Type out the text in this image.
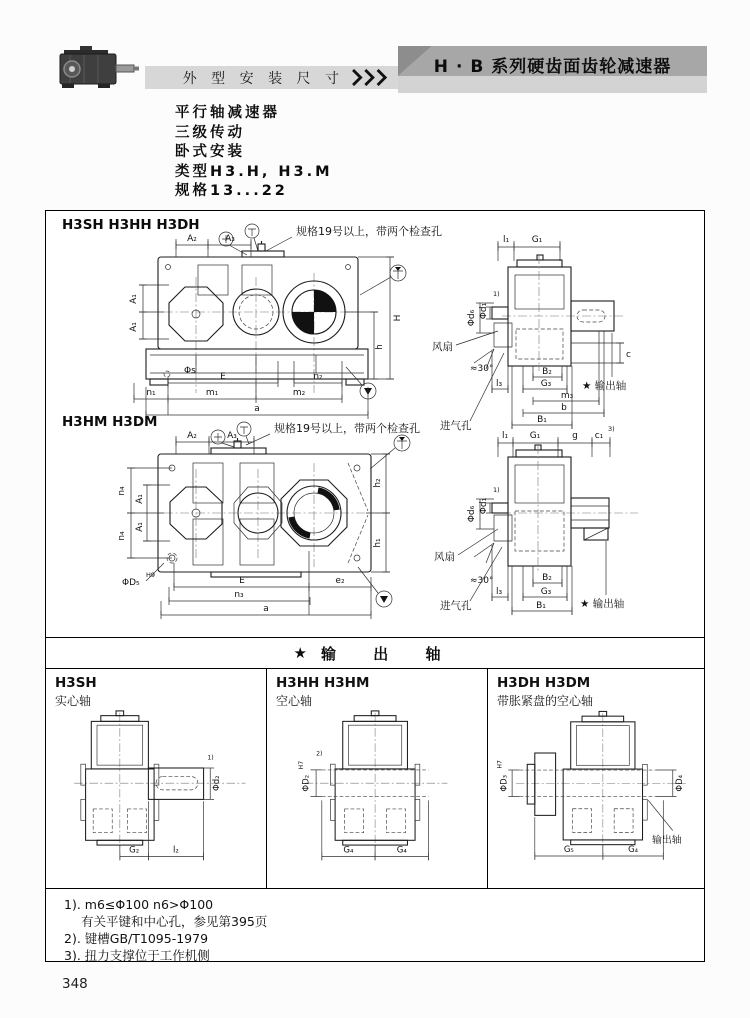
外 型 安 装 尺 寸
H · B 系列硬齿面齿轮减速器
平行轴减速器
三级传动
卧式安装
类型H3.H, H3.M
规格13...22
H3SH H3HH H3DH	规格19号以上，带两个检查孔
A₂	A₃
A₁
A₁
H
h
Φs
E	n₂
n₁	m₁	m₂
a
l₁	G₁
Φd₆ Φd₁
1)
风扇
≈30°
进气孔
c
B₂
l₃	G₃
m₃
b
B₁
★ 输出轴
H3HM H3DM	规格19号以上，带两个检查孔
A₂	A₃
n₄
n₄
A₁
A₁
h₂
h₁
ΦD₅
H9
E	e₂
n₃
a
l₁ G₁	g c₁
3)
Φd₆ Φd₁
1)
风扇
≈30°
进气孔
B₂
l₃	G₃
B₁	★ 输出轴
★ 输 出 轴
H3SH
实心轴
Φd₂
1)
G₂	l₂
H3HH H3HM
空心轴
ΦD₂
H7
2)
G₄	G₄
H3DH H3DM
带胀紧盘的空心轴
ΦD₃
H7
ΦD₄
输出轴
G₅	G₄
1). m6≤Φ100 n6>Φ100
有关平键和中心孔，参见第395页
2). 键槽GB/T1095-1979
3). 扭力支撑位于工作机侧
348
